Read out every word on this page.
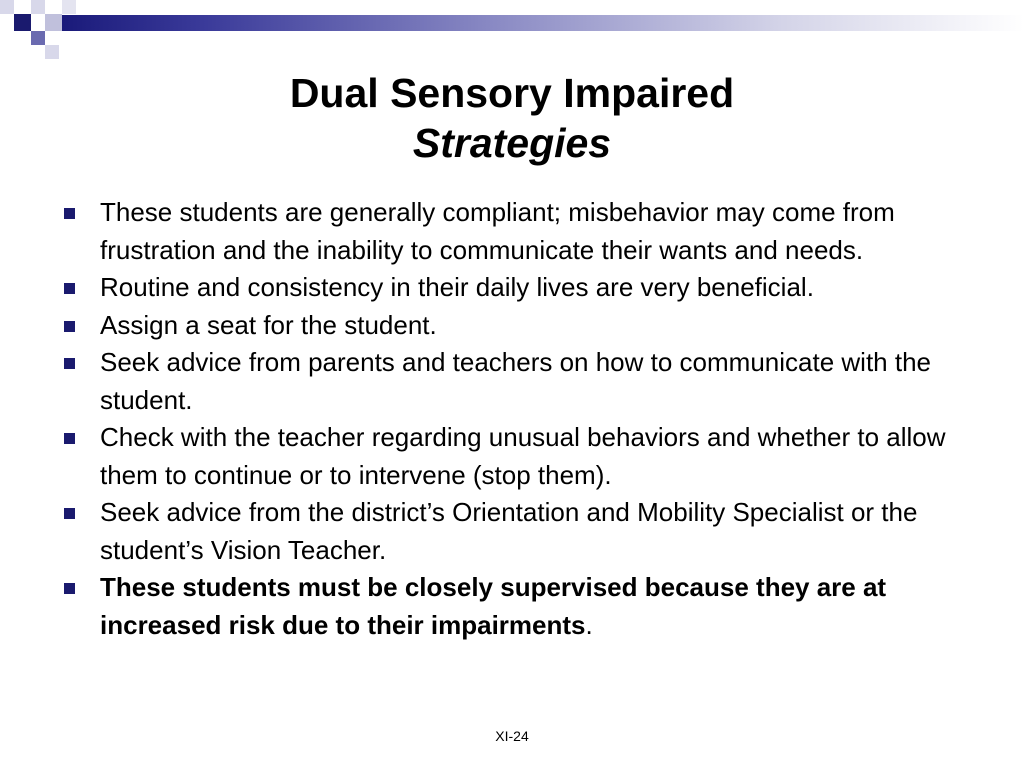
Dual Sensory Impaired
Strategies
These students are generally compliant; misbehavior may come from frustration and the inability to communicate their wants and needs.
Routine and consistency in their daily lives are very beneficial.
Assign a seat for the student.
Seek advice from parents and teachers on how to communicate with the student.
Check with the teacher regarding unusual behaviors and whether to allow them to continue or to intervene (stop them).
Seek advice from the district’s Orientation and Mobility Specialist or the student’s Vision Teacher.
These students must be closely supervised because they are at increased risk due to their impairments.
XI-24
